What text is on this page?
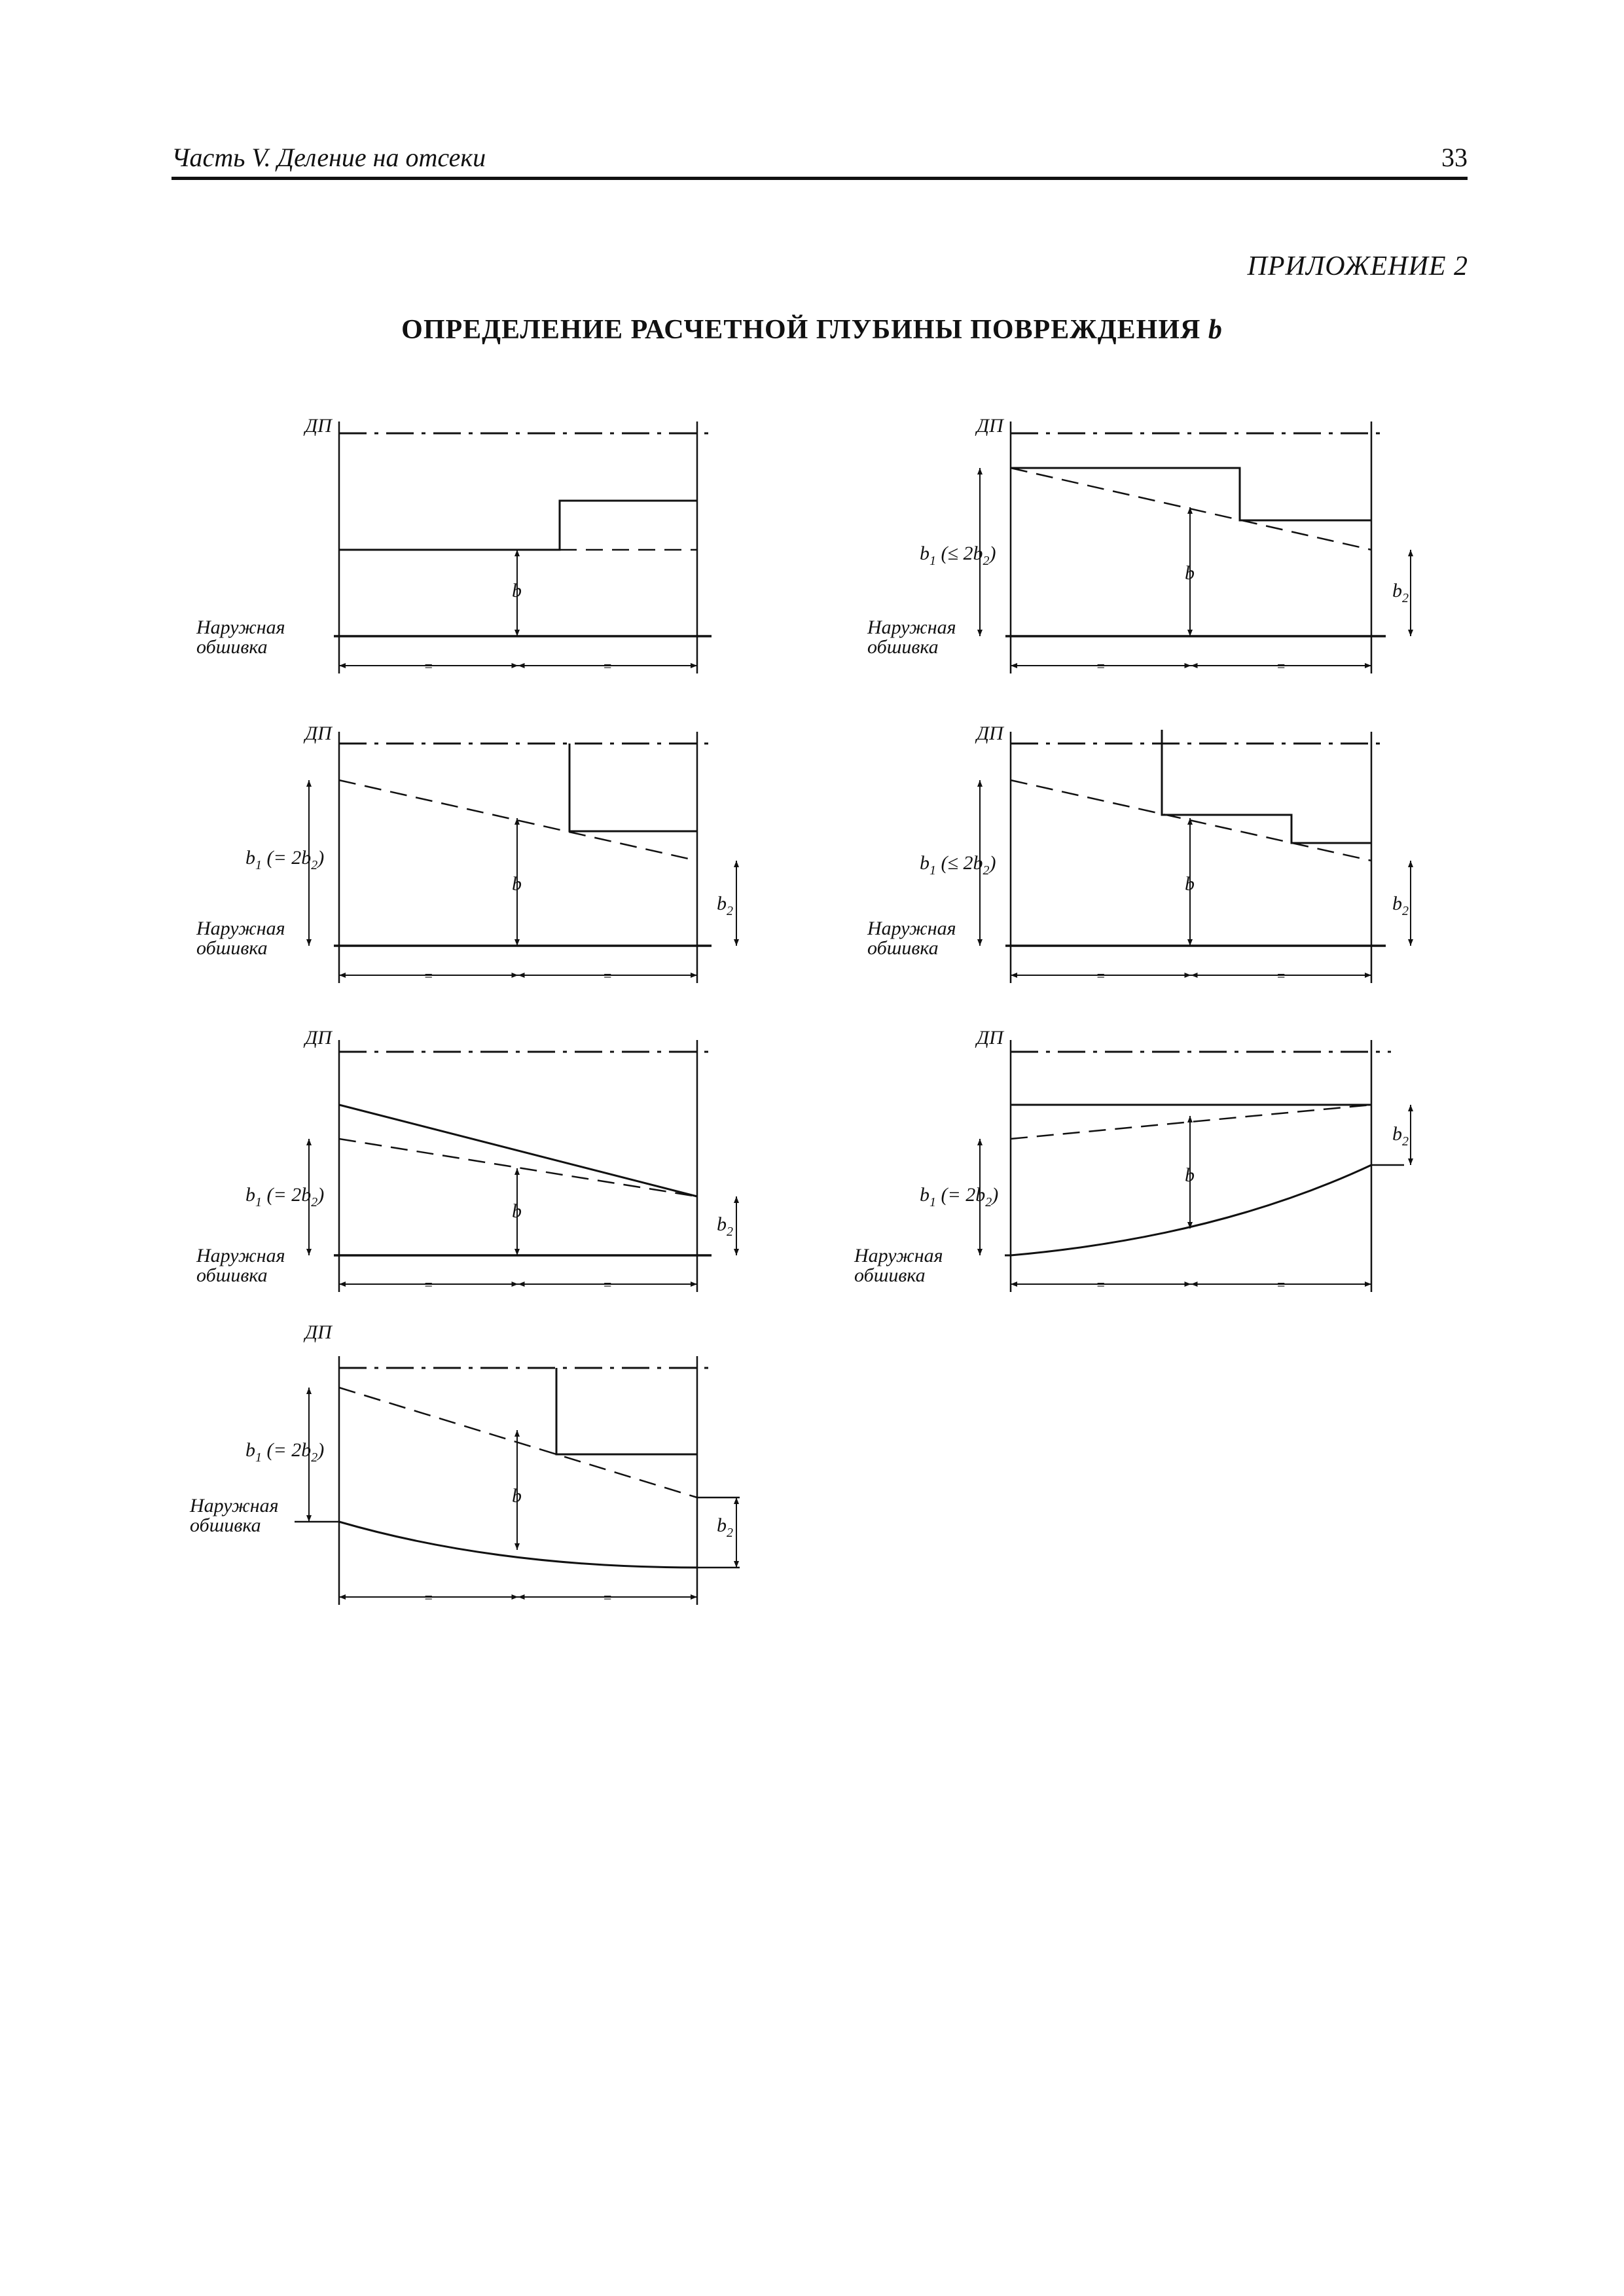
Часть V. Деление на отсеки	33
ПРИЛОЖЕНИЕ 2
ОПРЕДЕЛЕНИЕ РАСЧЕТНОЙ ГЛУБИНЫ ПОВРЕЖДЕНИЯ b
ДП
Наружная
обшивка
=	=
b
ДП
Наружная
обшивка
=	=
$b_1$ (≤ $2b_2$)
b
$b_2$
ДП
Наружная
обшивка
=	=
$b_1$ (= $2b_2$)
b
$b_2$
ДП
Наружная
обшивка
=	=
$b_1$ (≤ $2b_2$)
b
$b_2$
ДП
Наружная
обшивка	=	=
$b_1$ (= $2b_2$)
b
$b_2$
ДП
Наружная
обшивка	=	=
$b_1$ (= $2b_2$)
b
$b_2$
ДП
Наружная
обшивка
=	=
$b_1$ (= $2b_2$)
b
$b_2$
